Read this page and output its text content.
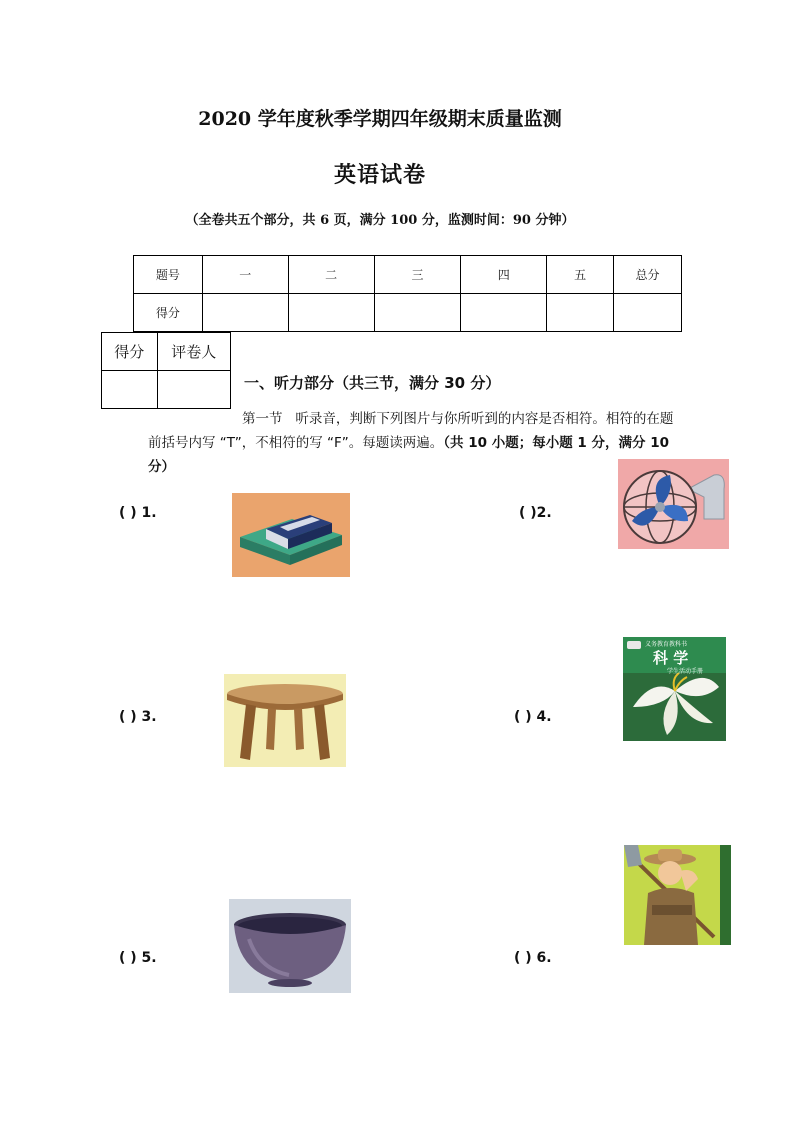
2020 学年度秋季学期四年级期末质量监测
英语试卷
（全卷共五个部分，共 6 页，满分 100 分，监测时间：90 分钟）
题号	一	二	三	四	五	总分
得分						
得分	评卷人

一、听力部分（共三节，满分 30 分）
第一节 听录音，判断下列图片与你所听到的内容是否相符。相符的在题前括号内写 “T”，不相符的写 “F”。每题读两遍。（共 10 小题；每小题 1 分，满分 10 分）
( ) 1.	( )2.
( ) 3.	( ) 4.
( ) 5.	( ) 6.
义务教育教科书
科 学
学生活动手册
